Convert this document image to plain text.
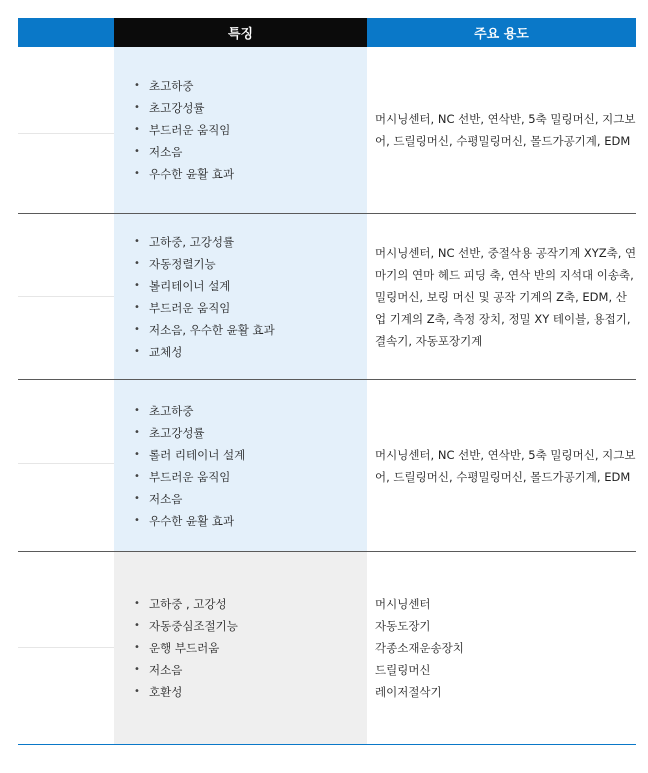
특징	주요 용도
• 초고하중
• 초고강성률
• 부드러운 움직임
• 저소음
• 우수한 윤활 효과

머시닝센터, NC 선반, 연삭반, 5축 밀링머신, 지그보어, 드릴링머신, 수평밀링머신, 몰드가공기계, EDM

• 고하중, 고강성률
• 자동정렬기능
• 볼리테이너 설계
• 부드러운 움직임
• 저소음, 우수한 윤활 효과
• 교체성

머시닝센터, NC 선반, 중절삭용 공작기계 XYZ축, 연마기의 연마 헤드 피딩 축, 연삭 반의 지석대 이송축, 밀링머신, 보링 머신 및 공작 기계의 Z축, EDM, 산업 기계의 Z축, 측정 장치, 정밀 XY 테이블, 용접기, 결속기, 자동포장기계

• 초고하중
• 초고강성률
• 롤러 리테이너 설계
• 부드러운 움직임
• 저소음
• 우수한 윤활 효과

머시닝센터, NC 선반, 연삭반, 5축 밀링머신, 지그보어, 드릴링머신, 수평밀링머신, 몰드가공기계, EDM

• 고하중 , 고강성
• 자동중심조절기능
• 운행 부드러움
• 저소음
• 호환성
머시닝센터
자동도장기
각종소재운송장치
드릴링머신
레이저절삭기
